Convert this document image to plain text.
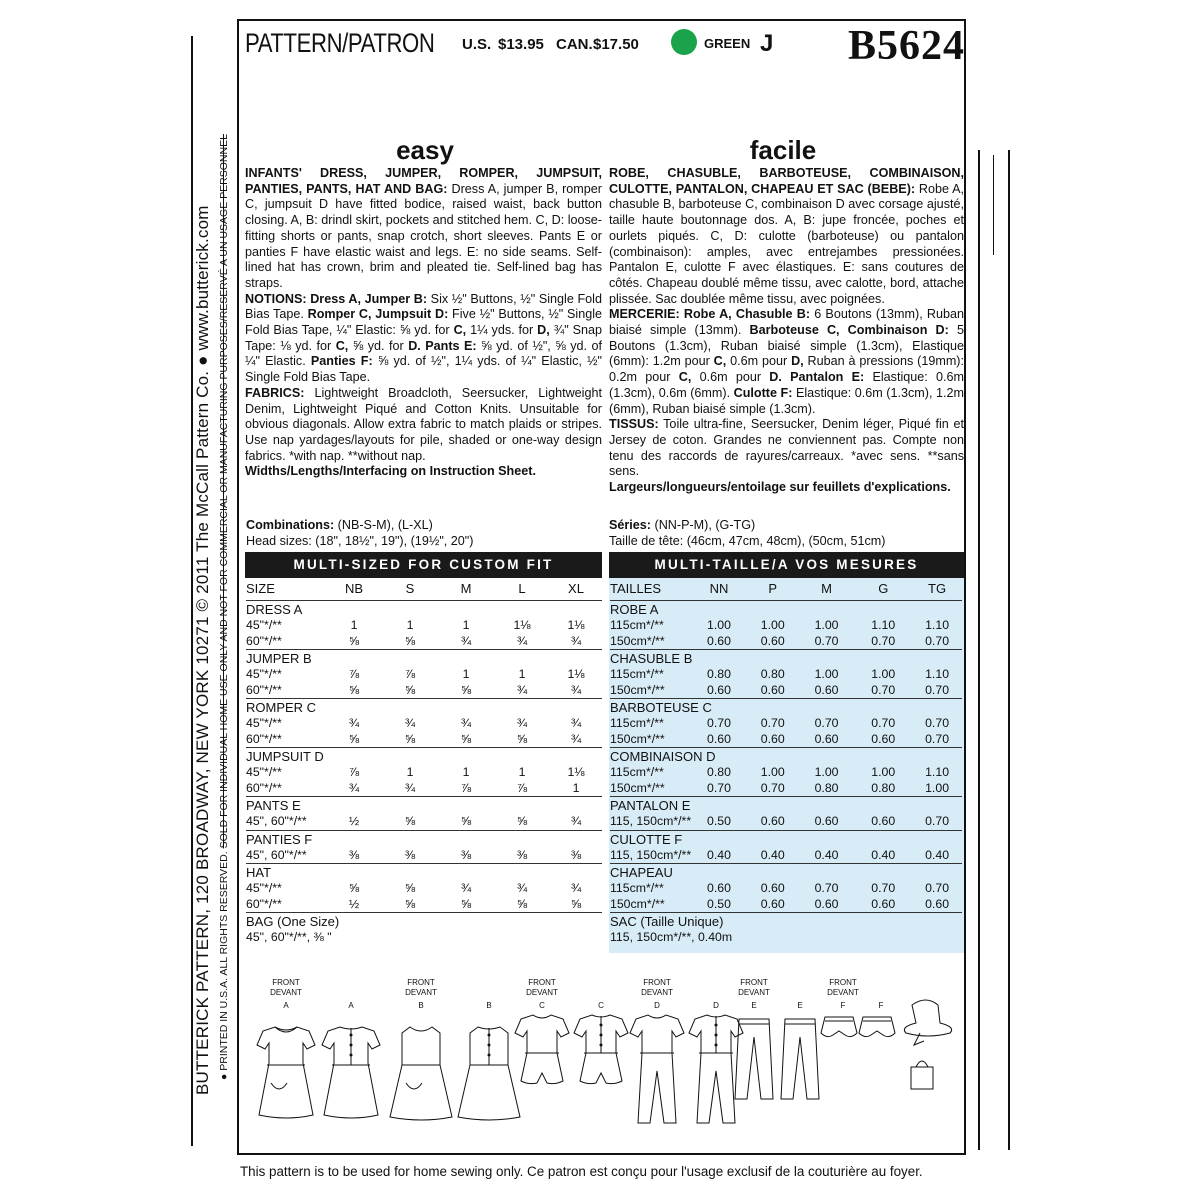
PATTERN/PATRON U.S. $13.95 CAN. $17.50	GREEN J B5624
BUTTERICK PATTERN, 120 BROADWAY, NEW YORK 10271 © 2011 The McCall Pattern Co. ● www.butterick.com ● PRINTED IN U.S.A. ALL RIGHTS RESERVED. SOLD FOR INDIVIDUAL HOME USE ONLY AND NOT FOR COMMERCIAL OR MANUFACTURING PURPOSES/RESERVÉ A UN USAGE PERSONNEL	easy	facile

INFANTS' DRESS, JUMPER, ROMPER, JUMPSUIT, PANTIES, PANTS, HAT AND BAG: Dress A, jumper B, romper C, jumpsuit D have fitted bodice, raised waist, back button closing. A, B: drindl skirt, pockets and stitched hem. C, D: loose-fitting shorts or pants, snap crotch, short sleeves. Pants E or panties F have elastic waist and legs. E: no side seams. Self-lined hat has crown, brim and pleated tie. Self-lined bag has straps.

NOTIONS: Dress A, Jumper B: Six ½" Buttons, ½" Single Fold Bias Tape. Romper C, Jumpsuit D: Five ½" Buttons, ½" Single Fold Bias Tape, ¼" Elastic: ⅝ yd. for C, 1¼ yds. for D, ¾" Snap Tape: ⅛ yd. for C, ⅝ yd. for D. Pants E: ⅝ yd. of ½", ⅝ yd. of ¼" Elastic. Panties F: ⅝ yd. of ½", 1¼ yds. of ¼" Elastic, ½" Single Fold Bias Tape.

FABRICS: Lightweight Broadcloth, Seersucker, Lightweight Denim, Lightweight Piqué and Cotton Knits. Unsuitable for obvious diagonals. Allow extra fabric to match plaids or stripes. Use nap yardages/layouts for pile, shaded or one-way design fabrics. *with nap. **without nap.

Widths/Lengths/Interfacing on Instruction Sheet.

ROBE, CHASUBLE, BARBOTEUSE, COMBINAISON, CULOTTE, PANTALON, CHAPEAU ET SAC (BEBE): Robe A, chasuble B, barboteuse C, combinaison D avec corsage ajusté, taille haute boutonnage dos. A, B: jupe froncée, poches et ourlets piqués. C, D: culotte (barboteuse) ou pantalon (combinaison): amples, avec entrejambes pressionées. Pantalon E, culotte F avec élastiques. E: sans coutures de côtés. Chapeau doublé même tissu, avec calotte, bord, attache plissée. Sac doublée même tissu, avec poignées.

MERCERIE: Robe A, Chasuble B: 6 Boutons (13mm), Ruban biaisé simple (13mm). Barboteuse C, Combinaison D: 5 Boutons (1.3cm), Ruban biaisé simple (1.3cm), Elastique (6mm): 1.2m pour C, 0.6m pour D, Ruban à pressions (19mm): 0.2m pour C, 0.6m pour D. Pantalon E: Elastique: 0.6m (1.3cm), 0.6m (6mm). Culotte F: Elastique: 0.6m (1.3cm), 1.2m (6mm), Ruban biaisé simple (1.3cm).

TISSUS: Toile ultra-fine, Seersucker, Denim léger, Piqué fin et Jersey de coton. Grandes ne conviennent pas. Compte non tenu des raccords de rayures/carreaux. *avec sens. **sans sens.

Largeurs/longueurs/entoilage sur feuillets d'explications.

Combinations: (NB-S-M), (L-XL)
Head sizes: (18", 18½", 19"), (19½", 20")
Séries: (NN-P-M), (G-TG)
Taille de tête: (46cm, 47cm, 48cm), (50cm, 51cm)
MULTI-SIZED FOR CUSTOM FIT	MULTI-TAILLE/A VOS MESURES
SIZE	NB	S	M	L	XL
DRESS A					
45"*/**	1	1	1	1⅛	1⅛
60"*/**	⅝	⅝	¾	¾	¾
JUMPER B					
45"*/**	⅞	⅞	1	1	1⅛
60"*/**	⅝	⅝	⅝	¾	¾
ROMPER C					
45"*/**	¾	¾	¾	¾	¾
60"*/**	⅝	⅝	⅝	⅝	¾
JUMPSUIT D					
45"*/**	⅞	1	1	1	1⅛
60"*/**	¾	¾	⅞	⅞	1
PANTS E					
45", 60"*/**	½	⅝	⅝	⅝	¾
PANTIES F					
45", 60"*/**	⅜	⅜	⅜	⅜	⅜
HAT					
45"*/**	⅝	⅝	¾	¾	¾
60"*/**	½	⅝	⅝	⅝	⅝
BAG (One Size)					
45", 60"*/**, ⅜ "					
TAILLES	NN	P	M	G	TG
ROBE A					
115cm*/**	1.00	1.00	1.00	1.10	1.10
150cm*/**	0.60	0.60	0.70	0.70	0.70
CHASUBLE B					
115cm*/**	0.80	0.80	1.00	1.00	1.10
150cm*/**	0.60	0.60	0.60	0.70	0.70
BARBOTEUSE C					
115cm*/**	0.70	0.70	0.70	0.70	0.70
150cm*/**	0.60	0.60	0.60	0.60	0.70
COMBINAISON D					
115cm*/**	0.80	1.00	1.00	1.00	1.10
150cm*/**	0.70	0.70	0.80	0.80	1.00
PANTALON E					
115, 150cm*/**	0.50	0.60	0.60	0.60	0.70
CULOTTE F					
115, 150cm*/**	0.40	0.40	0.40	0.40	0.40
CHAPEAU					
115cm*/**	0.60	0.60	0.70	0.70	0.70
150cm*/**	0.50	0.60	0.60	0.60	0.60
SAC (Taille Unique)					
115, 150cm*/**, 0.40m					
FRONT
DEVANT
A	A
FRONT
DEVANT
B	B
FRONT
DEVANT
C	C
FRONT
DEVANT
D	D
FRONT
DEVANT
E	E
FRONT
DEVANT
F	F
This pattern is to be used for home sewing only. Ce patron est conçu pour l'usage exclusif de la couturière au foyer.
